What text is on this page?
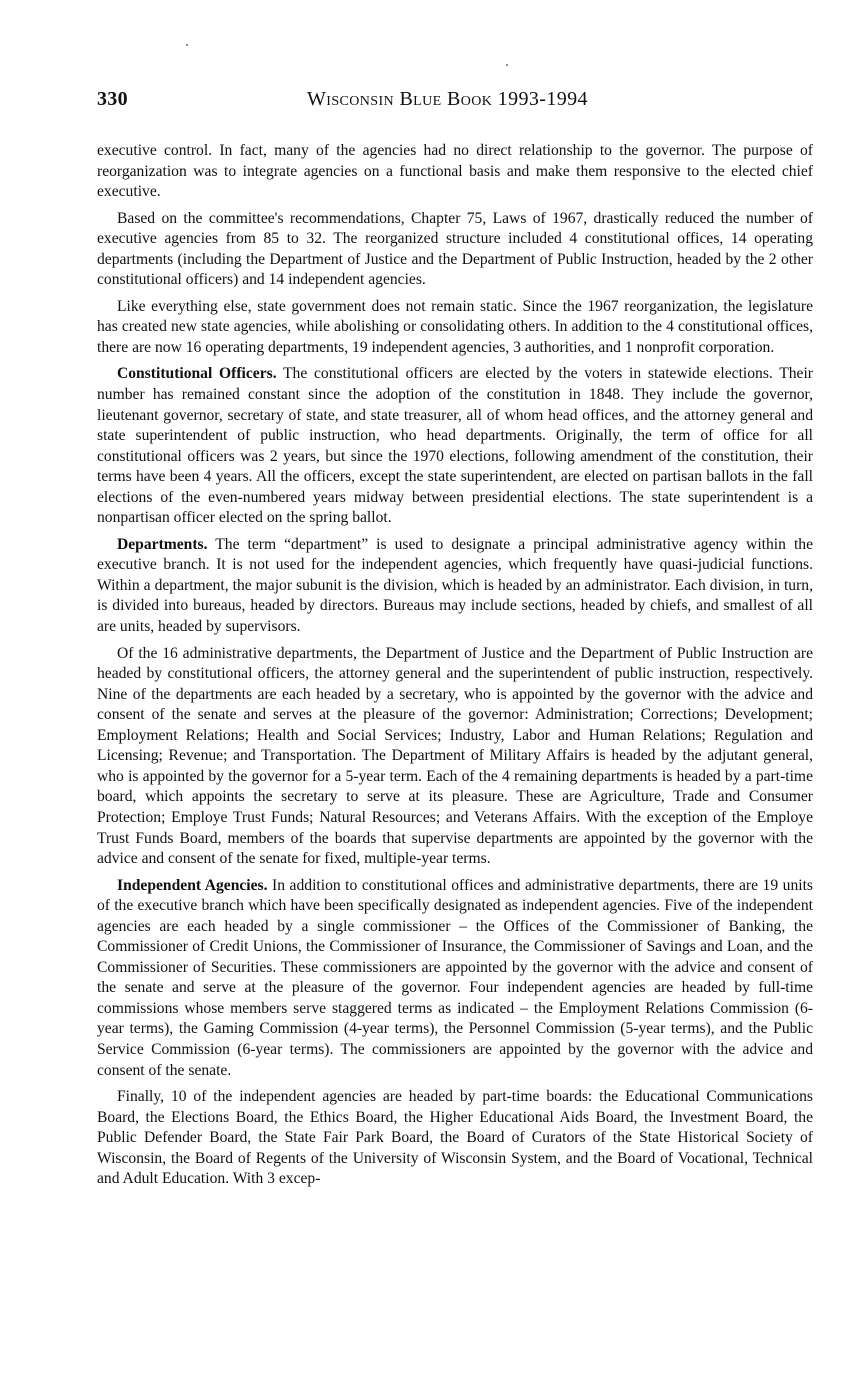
330	Wisconsin Blue Book 1993-1994

executive control. In fact, many of the agencies had no direct relationship to the governor. The purpose of reorganization was to integrate agencies on a functional basis and make them responsive to the elected chief executive.

Based on the committee's recommendations, Chapter 75, Laws of 1967, drastically reduced the number of executive agencies from 85 to 32. The reorganized structure included 4 constitutional offices, 14 operating departments (including the Department of Justice and the Department of Public Instruction, headed by the 2 other constitutional officers) and 14 independent agencies.

Like everything else, state government does not remain static. Since the 1967 reorganization, the legislature has created new state agencies, while abolishing or consolidating others. In addition to the 4 constitutional offices, there are now 16 operating departments, 19 independent agencies, 3 authorities, and 1 nonprofit corporation.

Constitutional Officers. The constitutional officers are elected by the voters in statewide elections. Their number has remained constant since the adoption of the constitution in 1848. They include the governor, lieutenant governor, secretary of state, and state treasurer, all of whom head offices, and the attorney general and state superintendent of public instruction, who head departments. Originally, the term of office for all constitutional officers was 2 years, but since the 1970 elections, following amendment of the constitution, their terms have been 4 years. All the officers, except the state superintendent, are elected on partisan ballots in the fall elections of the even-numbered years midway between presidential elections. The state superintendent is a nonpartisan officer elected on the spring ballot.

Departments. The term “department” is used to designate a principal administrative agency within the executive branch. It is not used for the independent agencies, which frequently have quasi-judicial functions. Within a department, the major subunit is the division, which is headed by an administrator. Each division, in turn, is divided into bureaus, headed by directors. Bureaus may include sections, headed by chiefs, and smallest of all are units, headed by supervisors.

Of the 16 administrative departments, the Department of Justice and the Department of Public Instruction are headed by constitutional officers, the attorney general and the superintendent of public instruction, respectively. Nine of the departments are each headed by a secretary, who is appointed by the governor with the advice and consent of the senate and serves at the pleasure of the governor: Administration; Corrections; Development; Employment Relations; Health and Social Services; Industry, Labor and Human Relations; Regulation and Licensing; Revenue; and Transportation. The Department of Military Affairs is headed by the adjutant general, who is appointed by the governor for a 5-year term. Each of the 4 remaining departments is headed by a part-time board, which appoints the secretary to serve at its pleasure. These are Agriculture, Trade and Consumer Protection; Employe Trust Funds; Natural Resources; and Veterans Affairs. With the exception of the Employe Trust Funds Board, members of the boards that supervise departments are appointed by the governor with the advice and consent of the senate for fixed, multiple-year terms.

Independent Agencies. In addition to constitutional offices and administrative departments, there are 19 units of the executive branch which have been specifically designated as independent agencies. Five of the independent agencies are each headed by a single commissioner – the Offices of the Commissioner of Banking, the Commissioner of Credit Unions, the Commissioner of Insurance, the Commissioner of Savings and Loan, and the Commissioner of Securities. These commissioners are appointed by the governor with the advice and consent of the senate and serve at the pleasure of the governor. Four independent agencies are headed by full-time commissions whose members serve staggered terms as indicated – the Employment Relations Commission (6-year terms), the Gaming Commission (4-year terms), the Personnel Commission (5-year terms), and the Public Service Commission (6-year terms). The commissioners are appointed by the governor with the advice and consent of the senate.

Finally, 10 of the independent agencies are headed by part-time boards: the Educational Communications Board, the Elections Board, the Ethics Board, the Higher Educational Aids Board, the Investment Board, the Public Defender Board, the State Fair Park Board, the Board of Curators of the State Historical Society of Wisconsin, the Board of Regents of the University of Wisconsin System, and the Board of Vocational, Technical and Adult Education. With 3 excep-
